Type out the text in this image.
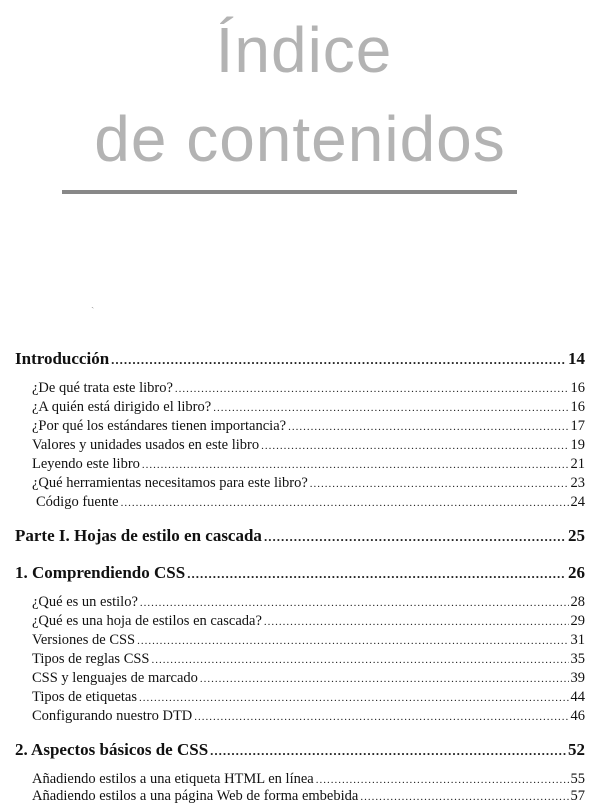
Índice
de contenidos
ˎ
Introducción .....	14
¿De qué trata este libro? .....	16
¿A quién está dirigido el libro? .....	16
¿Por qué los estándares tienen importancia? .....	17
Valores y unidades usados en este libro .....	19
Leyendo este libro .....	21
¿Qué herramientas necesitamos para este libro? .....	23
Código fuente .....	24
Parte I. Hojas de estilo en cascada .....	25
1. Comprendiendo CSS .....	26
¿Qué es un estilo? .....	28
¿Qué es una hoja de estilos en cascada? .....	29
Versiones de CSS .....	31
Tipos de reglas CSS .....	35
CSS y lenguajes de marcado .....	39
Tipos de etiquetas .....	44
Configurando nuestro DTD .....	46
2. Aspectos básicos de CSS .....	52
Añadiendo estilos a una etiqueta HTML en línea .....	55
Añadiendo estilos a una página Web de forma embebida .....	57
